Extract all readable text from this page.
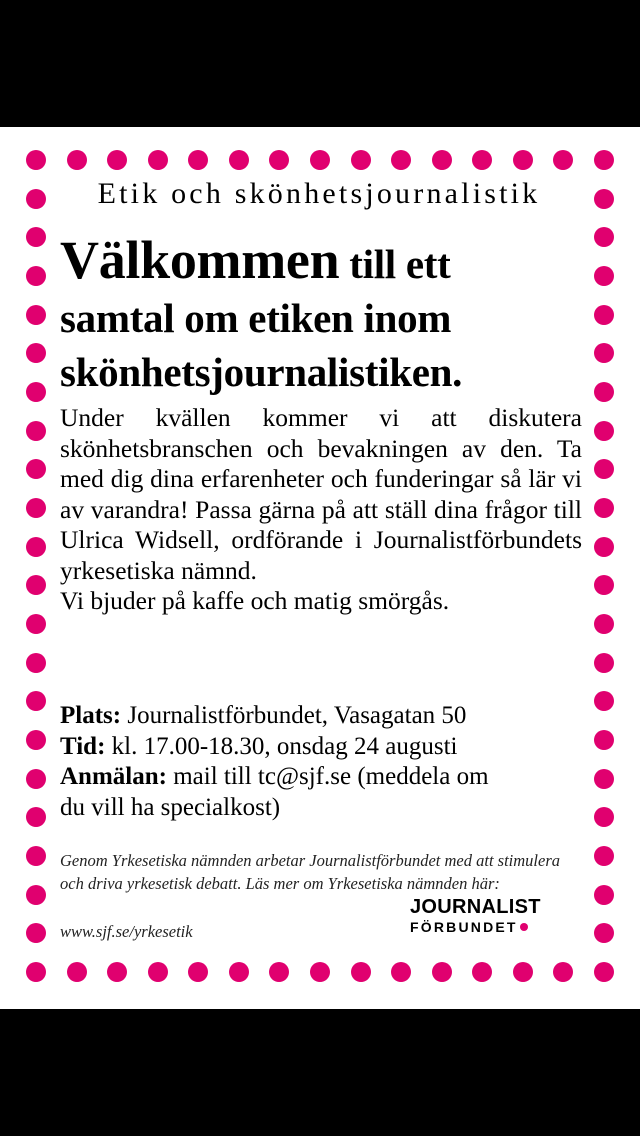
Etik och skönhetsjournalistik
Välkommen till ett
samtal om etiken inom
skönhetsjournalistiken.

Under kvällen kommer vi att diskutera skönhetsbranschen och bevakningen av den. Ta med dig dina erfarenheter och funderingar så lär vi av varandra! Passa gärna på att ställ dina frågor till Ulrica Widsell, ordförande i Journalistförbundets yrkesetiska nämnd.

Vi bjuder på kaffe och matig smörgås.

Plats: Journalistförbundet, Vasagatan 50
Tid: kl. 17.00-18.30, onsdag 24 augusti
Anmälan: mail till tc@sjf.se (meddela om
du vill ha specialkost)
Genom Yrkesetiska nämnden arbetar Journalistförbundet med att stimulera och driva yrkesetisk debatt. Läs mer om Yrkesetiska nämnden här:
www.sjf.se/yrkesetik
JOURNALIST
FÖRBUNDET
